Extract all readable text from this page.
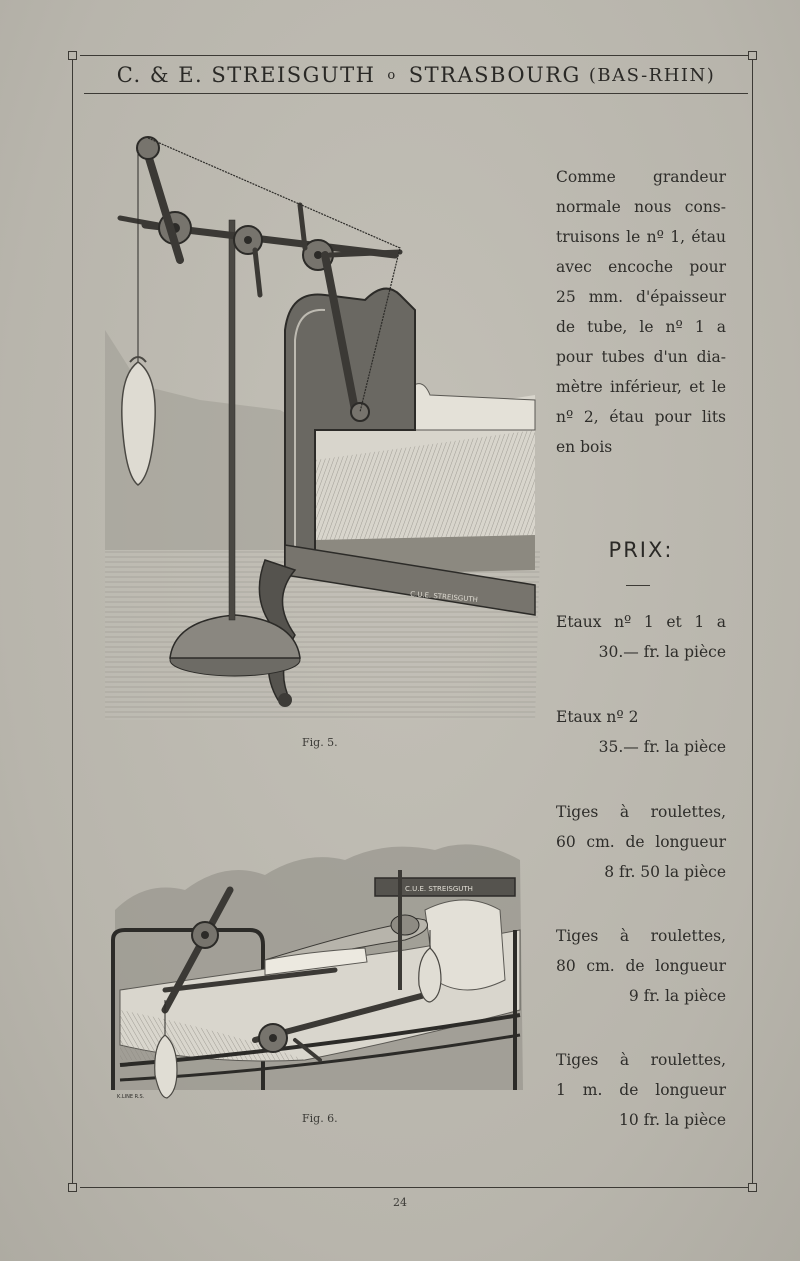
C. & E. STREISGUTH o STRASBOURG (BAS-RHIN)
C.U.E. STREISGUTH
Fig. 5.
C.U.E. STREISGUTH
K.LINE R.S.
Fig. 6.
Comme grandeur
normale nous cons-
truisons le nº 1, étau
avec encoche pour
25 mm. d'épaisseur
de tube, le nº 1 a
pour tubes d'un dia-
mètre inférieur, et le
nº 2, étau pour lits
en bois
PRIX:
Etaux nº 1 et 1 a
30.— fr. la pièce
Etaux nº 2
35.— fr. la pièce
Tiges à roulettes,
60 cm. de longueur
8 fr. 50 la pièce
Tiges à roulettes,
80 cm. de longueur
9 fr. la pièce
Tiges à roulettes,
1 m. de longueur
10 fr. la pièce
24
